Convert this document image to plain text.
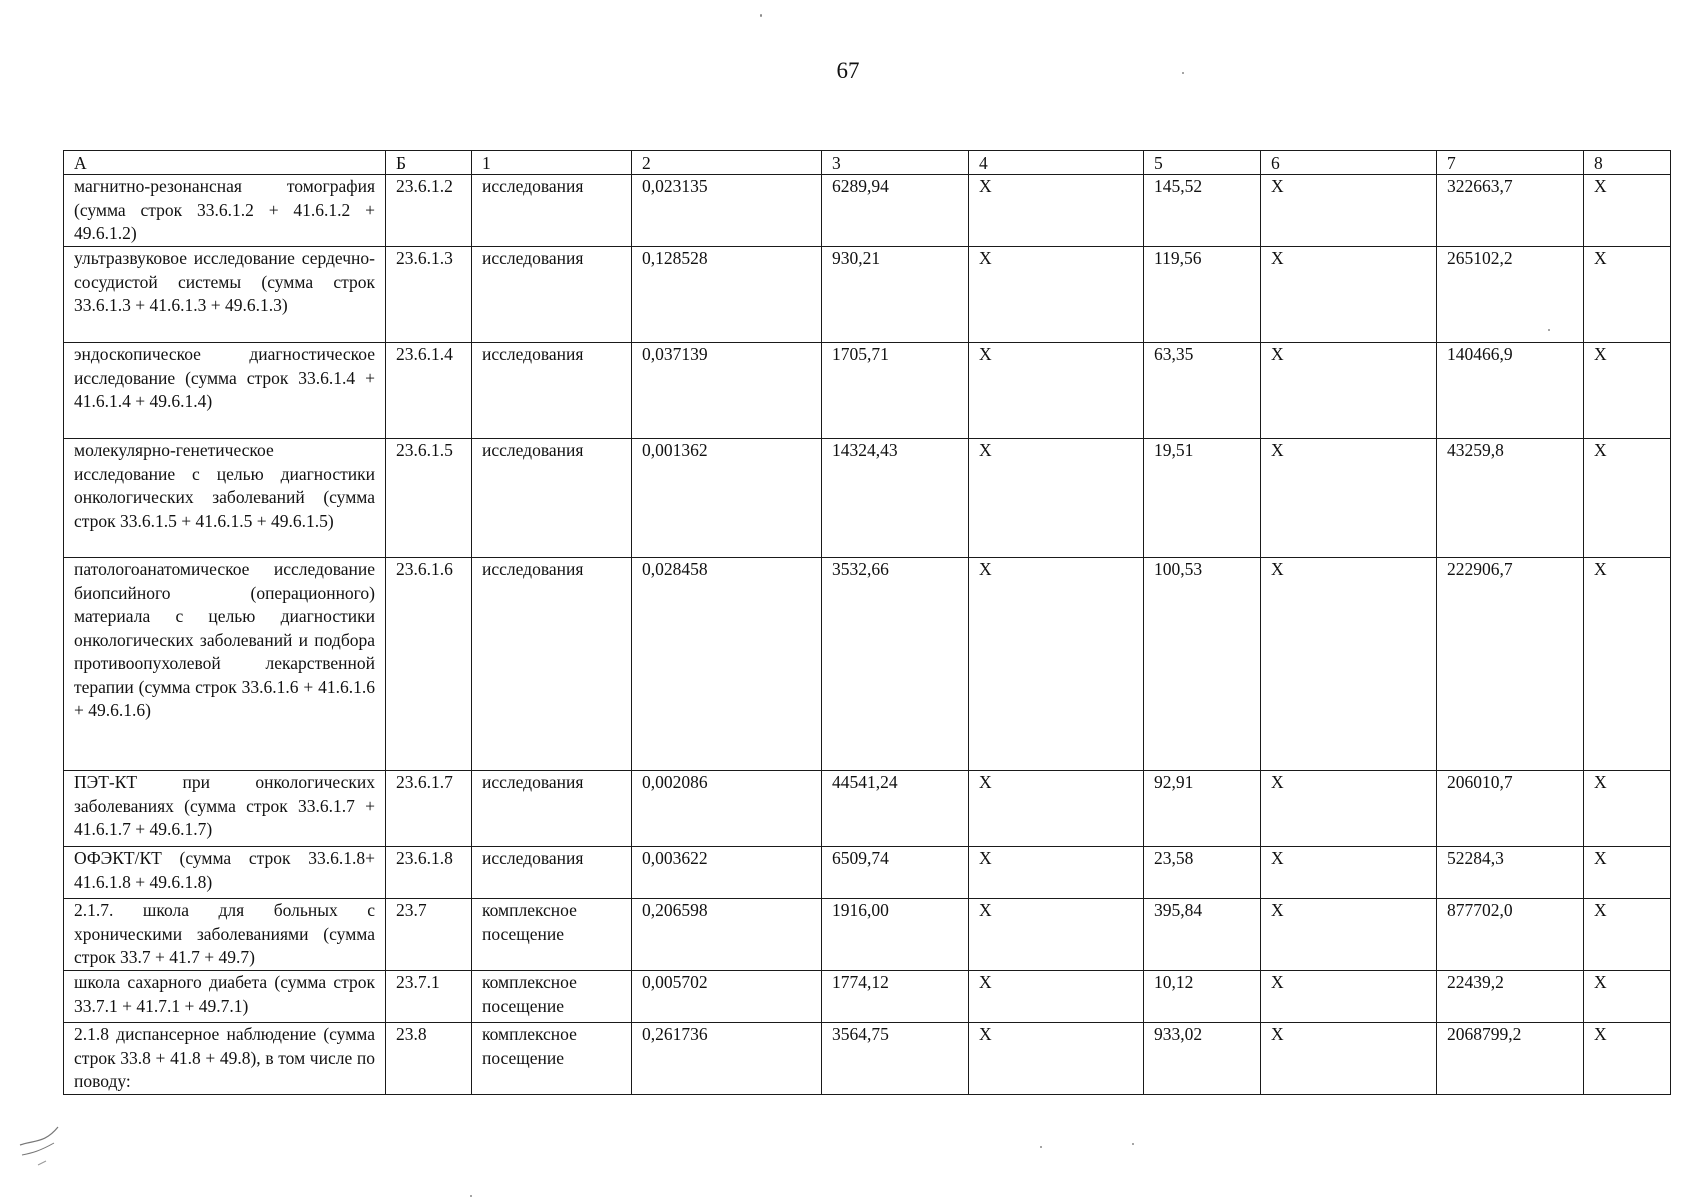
67
А	Б	1	2	3	4	5	6	7	8
магнитно-резонансная томография (сумма строк 33.6.1.2 + 41.6.1.2 + 49.6.1.2)	23.6.1.2	исследования	0,023135	6289,94	Х	145,52	Х	322663,7	Х
ультразвуковое исследование сердечно-сосудистой системы (сумма строк 33.6.1.3 + 41.6.1.3 + 49.6.1.3)	23.6.1.3	исследования	0,128528	930,21	Х	119,56	Х	265102,2	Х
эндоскопическое диагностическое исследование (сумма строк 33.6.1.4 + 41.6.1.4 + 49.6.1.4)	23.6.1.4	исследования	0,037139	1705,71	Х	63,35	Х	140466,9	Х
молекулярно-генетическое исследование с целью диагностики онкологических заболеваний (сумма строк 33.6.1.5 + 41.6.1.5 + 49.6.1.5)	23.6.1.5	исследования	0,001362	14324,43	Х	19,51	Х	43259,8	Х
патологоанатомическое исследование биопсийного (операционного) материала с целью диагностики онкологических заболеваний и подбора противоопухолевой лекарственной терапии (сумма строк 33.6.1.6 + 41.6.1.6 + 49.6.1.6)	23.6.1.6	исследования	0,028458	3532,66	Х	100,53	Х	222906,7	Х
ПЭТ-КТ при онкологических заболеваниях (сумма строк 33.6.1.7 + 41.6.1.7 + 49.6.1.7)	23.6.1.7	исследования	0,002086	44541,24	Х	92,91	Х	206010,7	Х
ОФЭКТ/КТ (сумма строк 33.6.1.8+ 41.6.1.8 + 49.6.1.8)	23.6.1.8	исследования	0,003622	6509,74	Х	23,58	Х	52284,3	Х
2.1.7. школа для больных с хроническими заболеваниями (сумма строк 33.7 + 41.7 + 49.7)	23.7	комплексное посещение	0,206598	1916,00	Х	395,84	Х	877702,0	Х
школа сахарного диабета (сумма строк 33.7.1 + 41.7.1 + 49.7.1)	23.7.1	комплексное посещение	0,005702	1774,12	Х	10,12	Х	22439,2	Х
2.1.8 диспансерное наблюдение (сумма строк 33.8 + 41.8 + 49.8), в том числе по поводу:	23.8	комплексное посещение	0,261736	3564,75	Х	933,02	Х	2068799,2	Х
